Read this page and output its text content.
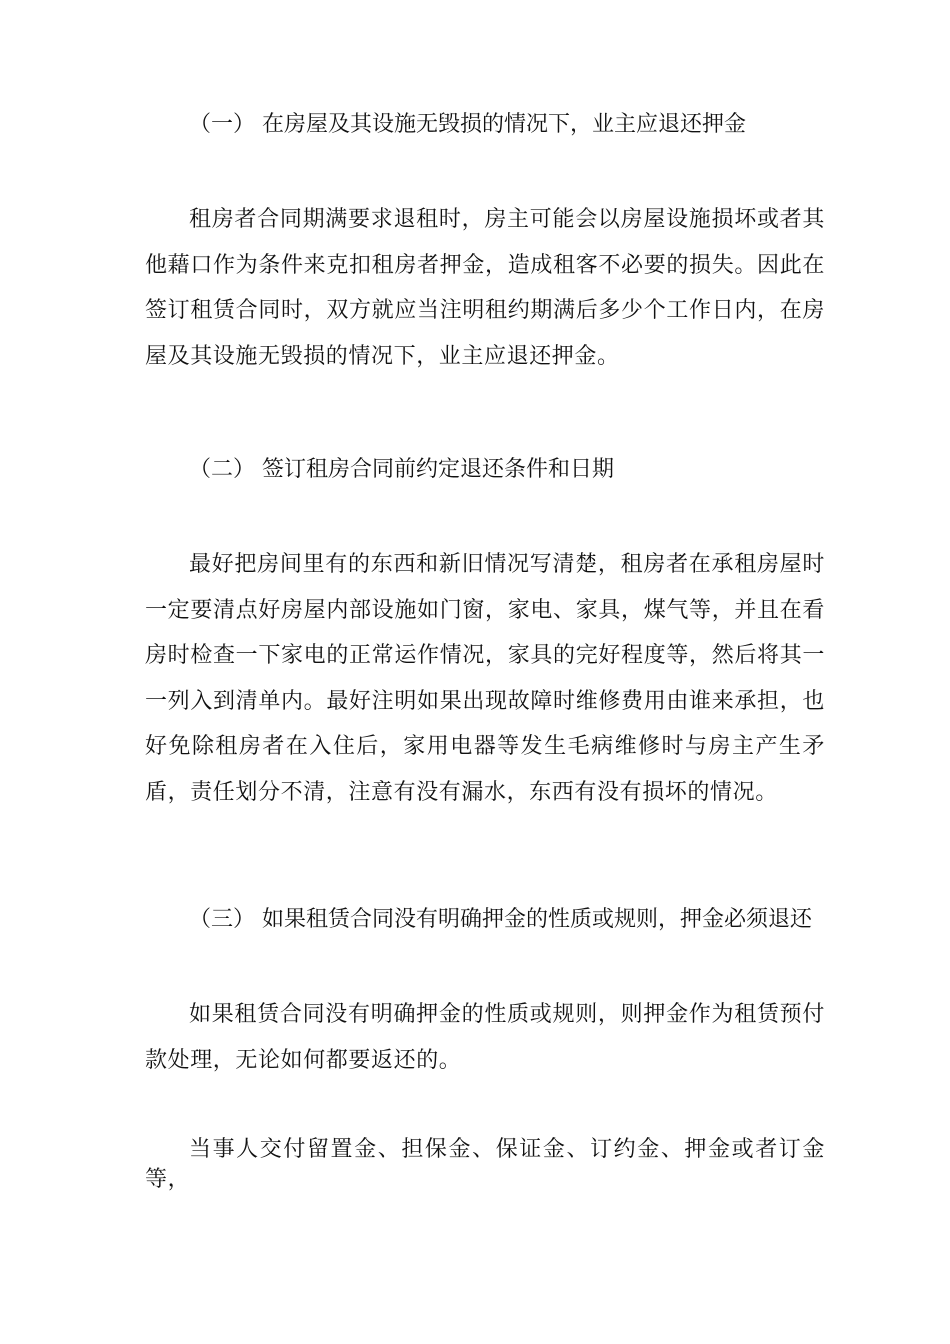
（一） 在房屋及其设施无毁损的情况下，业主应退还押金

租房者合同期满要求退租时，房主可能会以房屋设施损坏或者其他藉口作为条件来克扣租房者押金，造成租客不必要的损失。因此在签订租赁合同时，双方就应当注明租约期满后多少个工作日内，在房屋及其设施无毁损的情况下，业主应退还押金。

（二） 签订租房合同前约定退还条件和日期

最好把房间里有的东西和新旧情况写清楚，租房者在承租房屋时一定要清点好房屋内部设施如门窗，家电、家具，煤气等，并且在看房时检查一下家电的正常运作情况，家具的完好程度等，然后将其一一列入到清单内。最好注明如果出现故障时维修费用由谁来承担，也好免除租房者在入住后，家用电器等发生毛病维修时与房主产生矛盾，责任划分不清，注意有没有漏水，东西有没有损坏的情况。

（三） 如果租赁合同没有明确押金的性质或规则，押金必须退还

如果租赁合同没有明确押金的性质或规则，则押金作为租赁预付款处理，无论如何都要返还的。

当事人交付留置金、担保金、保证金、订约金、押金或者订金等，
